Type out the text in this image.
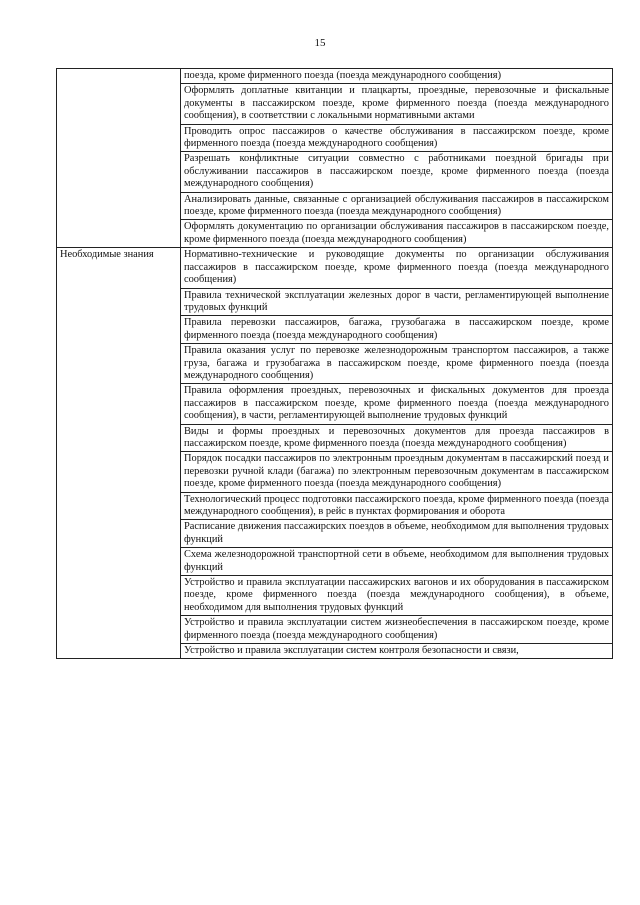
15
	поезда, кроме фирменного поезда (поезда международного сообщения)
	Оформлять доплатные квитанции и плацкарты, проездные, перевозочные и фискальные документы в пассажирском поезде, кроме фирменного поезда (поезда международного сообщения), в соответствии с локальными нормативными актами
	Проводить опрос пассажиров о качестве обслуживания в пассажирском поезде, кроме фирменного поезда (поезда международного сообщения)
	Разрешать конфликтные ситуации совместно с работниками поездной бригады при обслуживании пассажиров в пассажирском поезде, кроме фирменного поезда (поезда международного сообщения)
	Анализировать данные, связанные с организацией обслуживания пассажиров в пассажирском поезде, кроме фирменного поезда (поезда международного сообщения)
	Оформлять документацию по организации обслуживания пассажиров в пассажирском поезде, кроме фирменного поезда (поезда международного сообщения)
Необходимые знания	Нормативно-технические и руководящие документы по организации обслуживания пассажиров в пассажирском поезде, кроме фирменного поезда (поезда международного сообщения)
	Правила технической эксплуатации железных дорог в части, регламентирующей выполнение трудовых функций
	Правила перевозки пассажиров, багажа, грузобагажа в пассажирском поезде, кроме фирменного поезда (поезда международного сообщения)
	Правила оказания услуг по перевозке железнодорожным транспортом пассажиров, а также груза, багажа и грузобагажа в пассажирском поезде, кроме фирменного поезда (поезда международного сообщения)
	Правила оформления проездных, перевозочных и фискальных документов для проезда пассажиров в пассажирском поезде, кроме фирменного поезда (поезда международного сообщения), в части, регламентирующей выполнение трудовых функций
	Виды и формы проездных и перевозочных документов для проезда пассажиров в пассажирском поезде, кроме фирменного поезда (поезда международного сообщения)
	Порядок посадки пассажиров по электронным проездным документам в пассажирский поезд и перевозки ручной клади (багажа) по электронным перевозочным документам в пассажирском поезде, кроме фирменного поезда (поезда международного сообщения)
	Технологический процесс подготовки пассажирского поезда, кроме фирменного поезда (поезда международного сообщения), в рейс в пунктах формирования и оборота
	Расписание движения пассажирских поездов в объеме, необходимом для выполнения трудовых функций
	Схема железнодорожной транспортной сети в объеме, необходимом для выполнения трудовых функций
	Устройство и правила эксплуатации пассажирских вагонов и их оборудования в пассажирском поезде, кроме фирменного поезда (поезда международного сообщения), в объеме, необходимом для выполнения трудовых функций
	Устройство и правила эксплуатации систем жизнеобеспечения в пассажирском поезде, кроме фирменного поезда (поезда международного сообщения)
	Устройство и правила эксплуатации систем контроля безопасности и связи,
